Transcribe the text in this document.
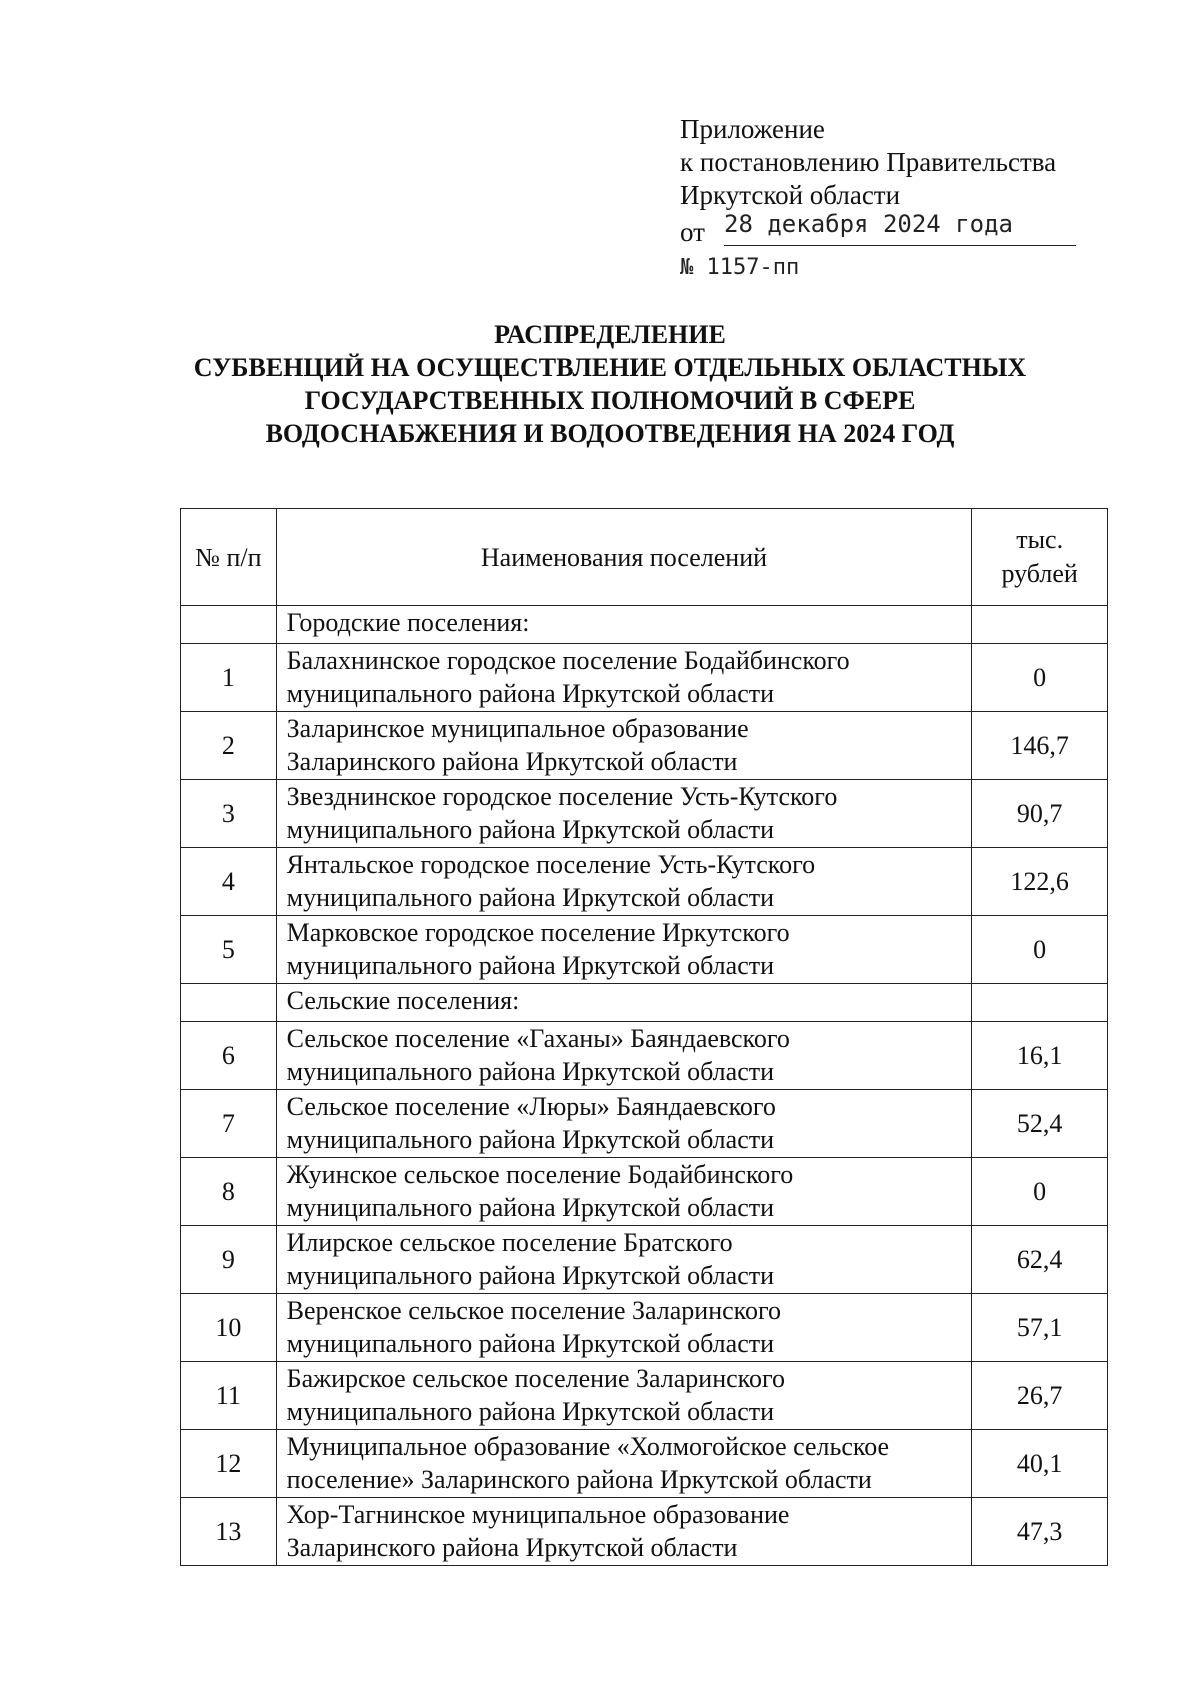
Приложение
к постановлению Правительства
Иркутской области
от 28 декабря 2024 года
№ 1157-пп
РАСПРЕДЕЛЕНИЕ
СУБВЕНЦИЙ НА ОСУЩЕСТВЛЕНИЕ ОТДЕЛЬНЫХ ОБЛАСТНЫХ
ГОСУДАРСТВЕННЫХ ПОЛНОМОЧИЙ В СФЕРЕ
ВОДОСНАБЖЕНИЯ И ВОДООТВЕДЕНИЯ НА 2024 ГОД
№ п/п	Наименования поселений	тыс.
рублей

	Городские поселения:	
1	Балахнинское городское поселение Бодайбинского
муниципального района Иркутской области	0
2	Заларинское муниципальное образование
Заларинского района Иркутской области	146,7
3	Звезднинское городское поселение Усть-Кутского
муниципального района Иркутской области	90,7
4	Янтальское городское поселение Усть-Кутского
муниципального района Иркутской области	122,6
5	Марковское городское поселение Иркутского
муниципального района Иркутской области	0
	Сельские поселения:	
6	Сельское поселение «Гаханы» Баяндаевского
муниципального района Иркутской области	16,1
7	Сельское поселение «Люры» Баяндаевского
муниципального района Иркутской области	52,4
8	Жуинское сельское поселение Бодайбинского
муниципального района Иркутской области	0
9	Илирское сельское поселение Братского
муниципального района Иркутской области	62,4
10	Веренское сельское поселение Заларинского
муниципального района Иркутской области	57,1
11	Бажирское сельское поселение Заларинского
муниципального района Иркутской области	26,7
12	Муниципальное образование «Холмогойское сельское
поселение» Заларинского района Иркутской области	40,1
13	Хор-Тагнинское муниципальное образование
Заларинского района Иркутской области	47,3
